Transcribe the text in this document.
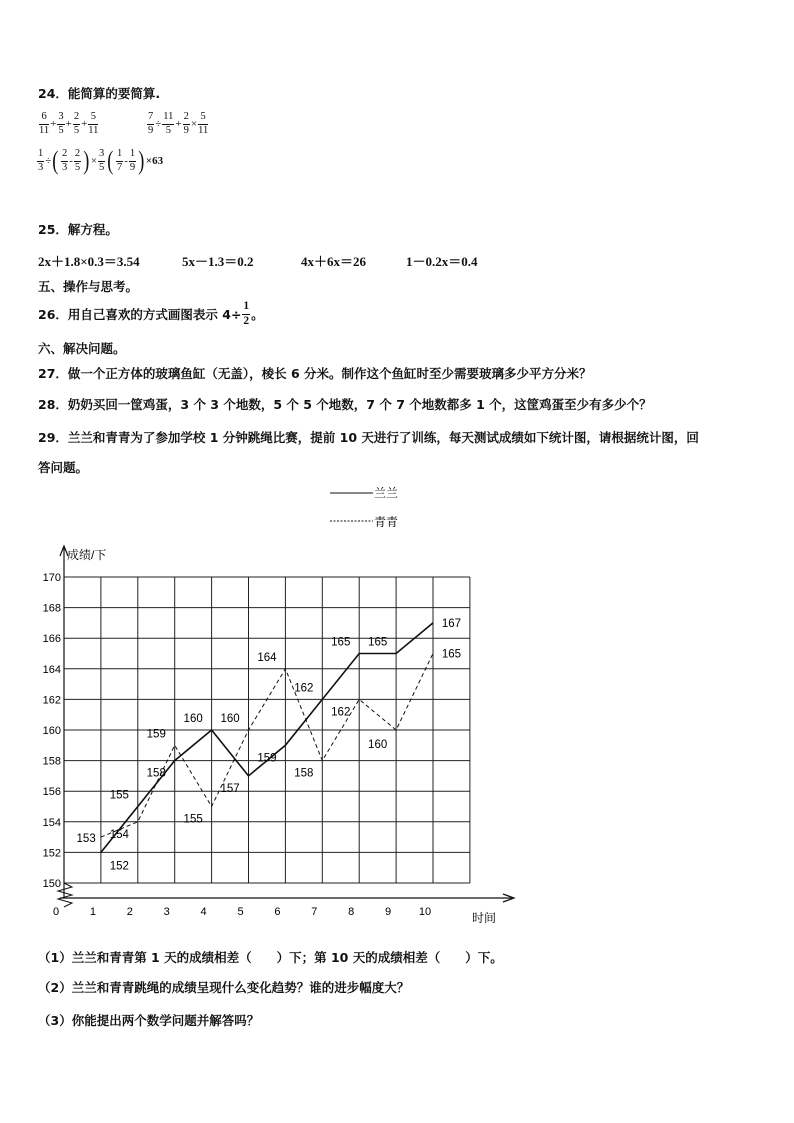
24．能简算的要简算.
$\frac{6}{11} + \frac{3}{5} + \frac{2}{5} + \frac{5}{11}$	$\frac{7}{9} \div \frac{11}{5} + \frac{2}{9} \times \frac{5}{11}$
$\frac{1}{3}$ ÷( $\frac{2}{3} - \frac{2}{5}$ )× $\frac{3}{5}$ ( $\frac{1}{7} - \frac{1}{9} )\times 63$
25．解方程。
2x＋1.8×0.3＝3.54	5x－1.3＝0.2	4x＋6x＝26	1－0.2x＝0.4
五、操作与思考。
26．用自己喜欢的方式画图表示 $4\div \frac{1}{2}$ 。
六、解决问题。
27．做一个正方体的玻璃鱼缸（无盖），棱长 6 分米。制作这个鱼缸时至少需要玻璃多少平方分米？
28．奶奶买回一筐鸡蛋，3 个 3 个地数，5 个 5 个地数，7 个 7 个地数都多 1 个，这筐鸡蛋至少有多少个？
29．兰兰和青青为了参加学校 1 分钟跳绳比赛，提前 10 天进行了训练，每天测试成绩如下统计图，请根据统计图，回
答问题。
兰兰
青青
成绩/下
时间
150
152
154
156
158
160
162
164
166
168
170
0	1	2	3	4	5	6	7	8	9	10
152
153
155
154
158
159
160
155
157
160
159
164
162
158
165
162
165
160
167
165
（1）兰兰和青青第 1 天的成绩相差（　　）下；第 10 天的成绩相差（　　）下。
（2）兰兰和青青跳绳的成绩呈现什么变化趋势？谁的进步幅度大？
（3）你能提出两个数学问题并解答吗？
